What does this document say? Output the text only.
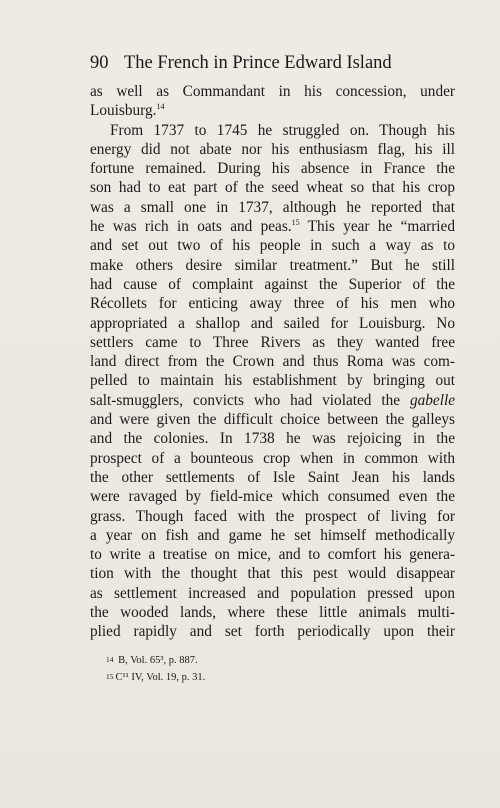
90 The French in Prince Edward Island
as well as Commandant in his concession, under
Louisburg.$^{14}$
From 1737 to 1745 he struggled on. Though his
energy did not abate nor his enthusiasm flag, his ill
fortune remained. During his absence in France the
son had to eat part of the seed wheat so that his crop
was a small one in 1737, although he reported that
he was rich in oats and peas.$^{15}$ This year he “married
and set out two of his people in such a way as to
make others desire similar treatment.” But he still
had cause of complaint against the Superior of the
Récollets for enticing away three of his men who
appropriated a shallop and sailed for Louisburg. No
settlers came to Three Rivers as they wanted free
land direct from the Crown and thus Roma was com-
pelled to maintain his establishment by bringing out
salt-smugglers, convicts who had violated the gabelle
and were given the difficult choice between the galleys
and the colonies. In 1738 he was rejoicing in the
prospect of a bounteous crop when in common with
the other settlements of Isle Saint Jean his lands
were ravaged by field-mice which consumed even the
grass. Though faced with the prospect of living for
a year on fish and game he set himself methodically
to write a treatise on mice, and to comfort his genera-
tion with the thought that this pest would disappear
as settlement increased and population pressed upon
the wooded lands, where these little animals multi-
plied rapidly and set forth periodically upon their
14 B, Vol. 65³, p. 887.
15 C¹¹ IV, Vol. 19, p. 31.
